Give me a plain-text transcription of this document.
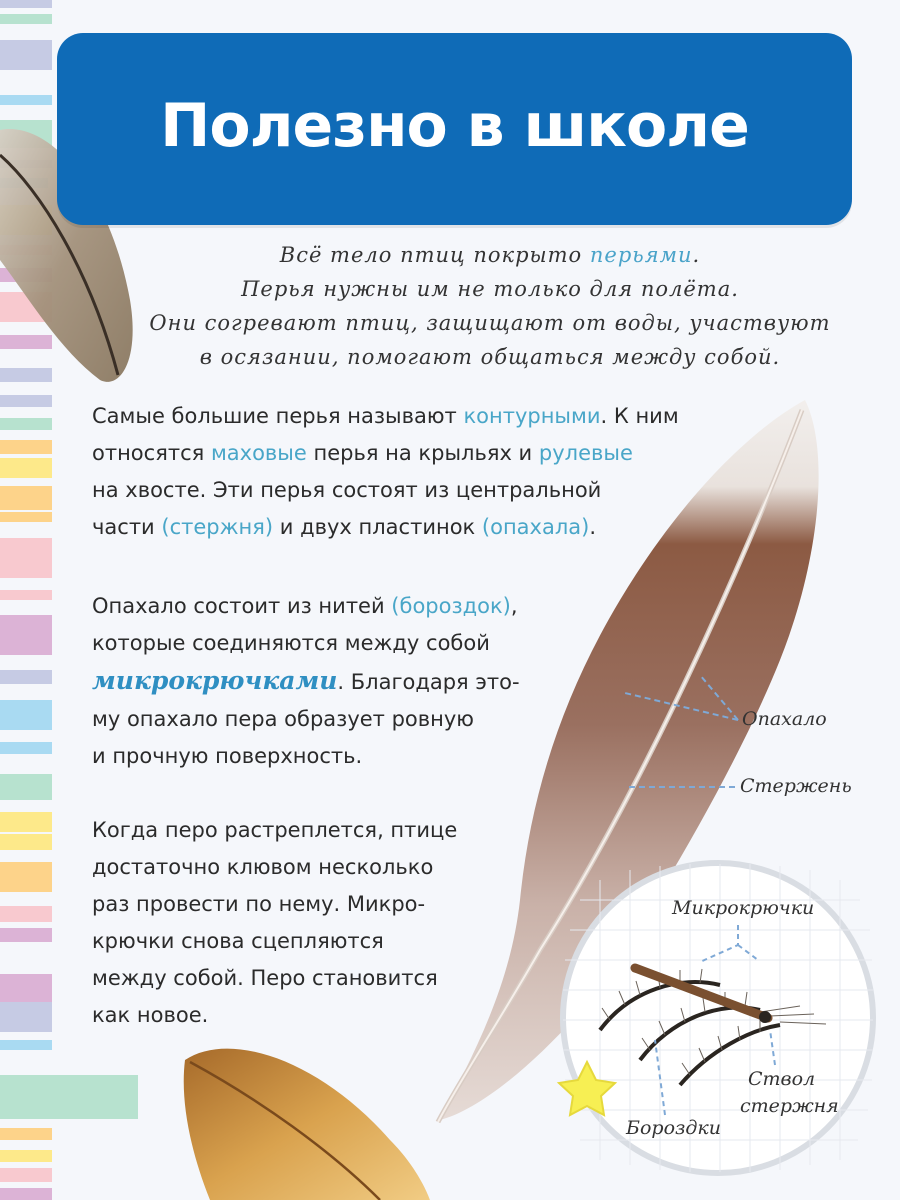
Полезно в школе
Всё тело птиц покрыто перьями.
Перья нужны им не только для полёта.
Они согревают птиц, защищают от воды, участвуют
в осязании, помогают общаться между собой.
Самые большие перья называют контурными. К ним
относятся маховые перья на крыльях и рулевые
на хвосте. Эти перья состоят из центральной
части (стержня) и двух пластинок (опахала).
Опахало состоит из нитей (бороздок),
которые соединяются между собой
микрокрючками. Благодаря это-
му опахало пера образует ровную
и прочную поверхность.
Когда перо растреплется, птице
достаточно клювом несколько
раз провести по нему. Микро-
крючки снова сцепляются
между собой. Перо становится
как новое.
Опахало
Стержень
Микрокрючки
Бороздки
Ствол
стержня
